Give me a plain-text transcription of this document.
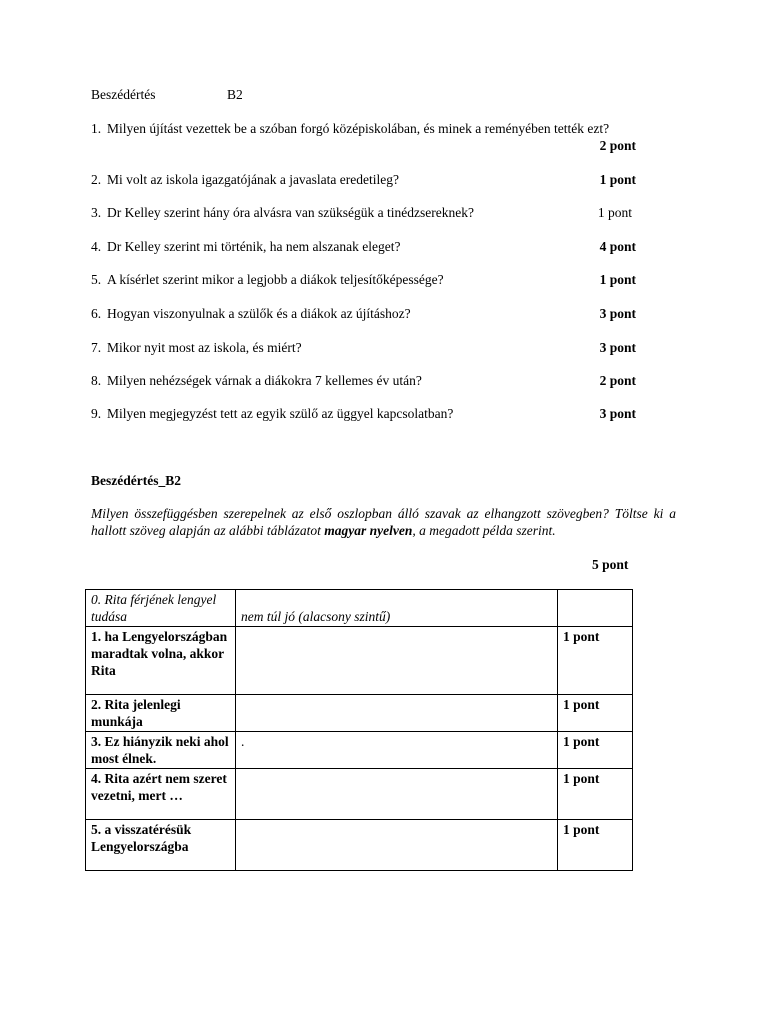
Beszédértés	B2
1. Milyen újítást vezettek be a szóban forgó középiskolában, és minek a reményében tették ezt?
2 pont
2. Mi volt az iskola igazgatójának a javaslata eredetileg?	1 pont
3. Dr Kelley szerint hány óra alvásra van szükségük a tinédzsereknek?	1 pont
4. Dr Kelley szerint mi történik, ha nem alszanak eleget?	4 pont
5. A kísérlet szerint mikor a legjobb a diákok teljesítőképessége?	1 pont
6. Hogyan viszonyulnak a szülők és a diákok az újításhoz?	3 pont
7. Mikor nyit most az iskola, és miért?	3 pont
8. Milyen nehézségek várnak a diákokra 7 kellemes év után?	2 pont
9. Milyen megjegyzést tett az egyik szülő az üggyel kapcsolatban?	3 pont
Beszédértés_B2
Milyen összefüggésben szerepelnek az első oszlopban álló szavak az elhangzott szövegben? Töltse ki a hallott szöveg alapján az alábbi táblázatot magyar nyelven, a megadott példa szerint.
5 pont
0. Rita férjének lengyel tudása	nem túl jó (alacsony szintű)	
1. ha Lengyelországban maradtak volna, akkor Rita		1 pont
2. Rita jelenlegi munkája		1 pont
3. Ez hiányzik neki ahol most élnek.	.	1 pont
4. Rita azért nem szeret vezetni, mert …		1 pont
5. a visszatérésük Lengyelországba		1 pont
